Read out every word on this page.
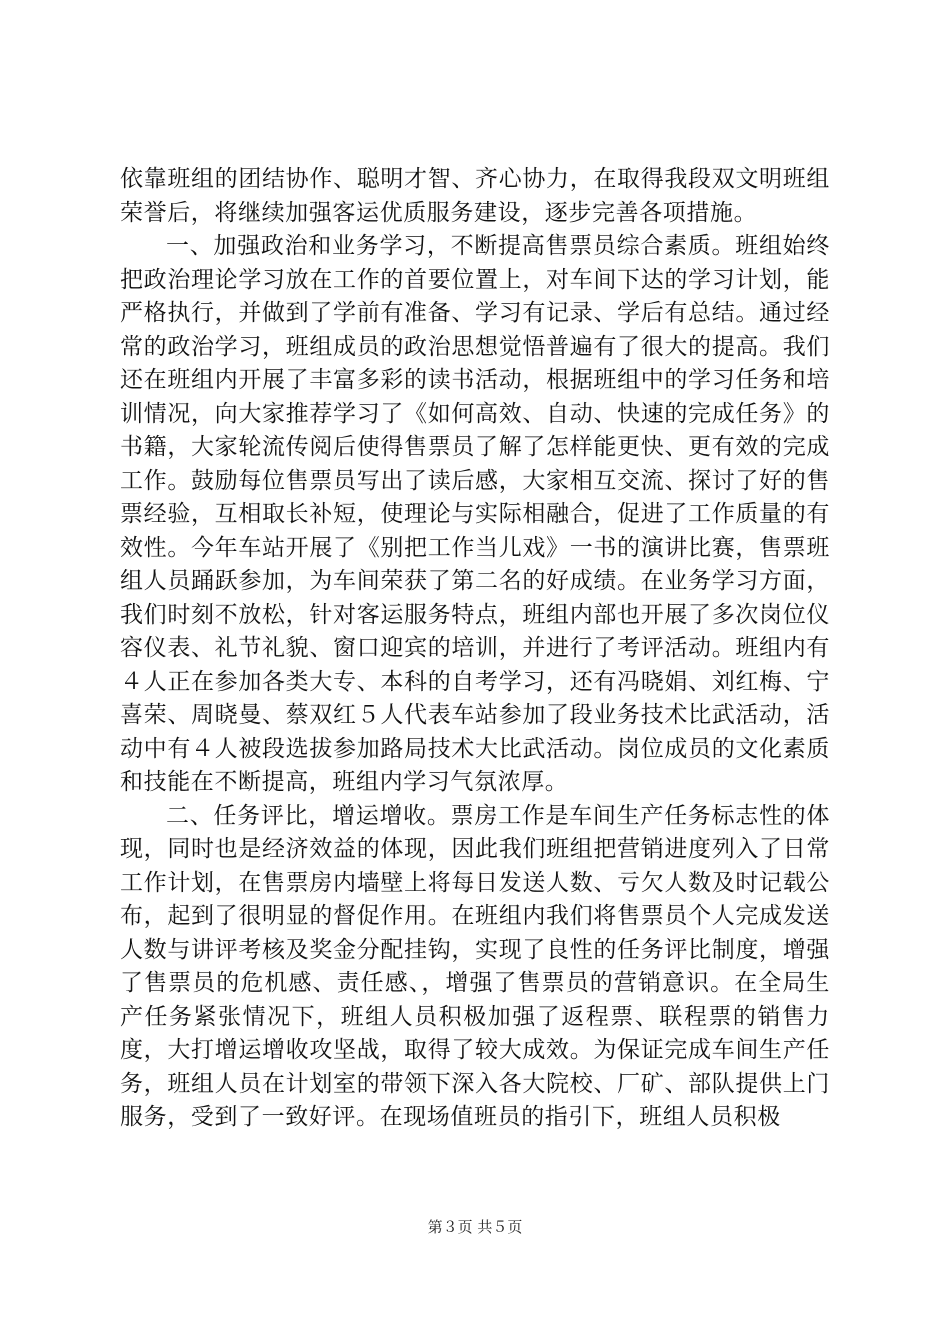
依靠班组的团结协作、聪明才智、齐心协力，在取得我段双文明班组荣誉后，将继续加强客运优质服务建设，逐步完善各项措施。

一、加强政治和业务学习，不断提高售票员综合素质。班组始终把政治理论学习放在工作的首要位置上，对车间下达的学习计划，能严格执行，并做到了学前有准备、学习有记录、学后有总结。通过经常的政治学习，班组成员的政治思想觉悟普遍有了很大的提高。我们还在班组内开展了丰富多彩的读书活动，根据班组中的学习任务和培训情况，向大家推荐学习了《如何高效、自动、快速的完成任务》的书籍，大家轮流传阅后使得售票员了解了怎样能更快、更有效的完成工作。鼓励每位售票员写出了读后感，大家相互交流、探讨了好的售票经验，互相取长补短，使理论与实际相融合，促进了工作质量的有效性。今年车站开展了《别把工作当儿戏》一书的演讲比赛，售票班组人员踊跃参加，为车间荣获了第二名的好成绩。在业务学习方面，我们时刻不放松，针对客运服务特点，班组内部也开展了多次岗位仪容仪表、礼节礼貌、窗口迎宾的培训，并进行了考评活动。班组内有４人正在参加各类大专、本科的自考学习，还有冯晓娟、刘红梅、宁喜荣、周晓曼、蔡双红５人代表车站参加了段业务技术比武活动，活动中有４人被段选拔参加路局技术大比武活动。岗位成员的文化素质和技能在不断提高，班组内学习气氛浓厚。

二、任务评比，增运增收。票房工作是车间生产任务标志性的体现，同时也是经济效益的体现，因此我们班组把营销进度列入了日常工作计划，在售票房内墙壁上将每日发送人数、亏欠人数及时记载公布，起到了很明显的督促作用。在班组内我们将售票员个人完成发送人数与讲评考核及奖金分配挂钩，实现了良性的任务评比制度，增强了售票员的危机感、责任感、，增强了售票员的营销意识。在全局生产任务紧张情况下，班组人员积极加强了返程票、联程票的销售力度，大打增运增收攻坚战，取得了较大成效。为保证完成车间生产任务，班组人员在计划室的带领下深入各大院校、厂矿、部队提供上门服务，受到了一致好评。在现场值班员的指引下，班组人员积极

第３页 共５页
